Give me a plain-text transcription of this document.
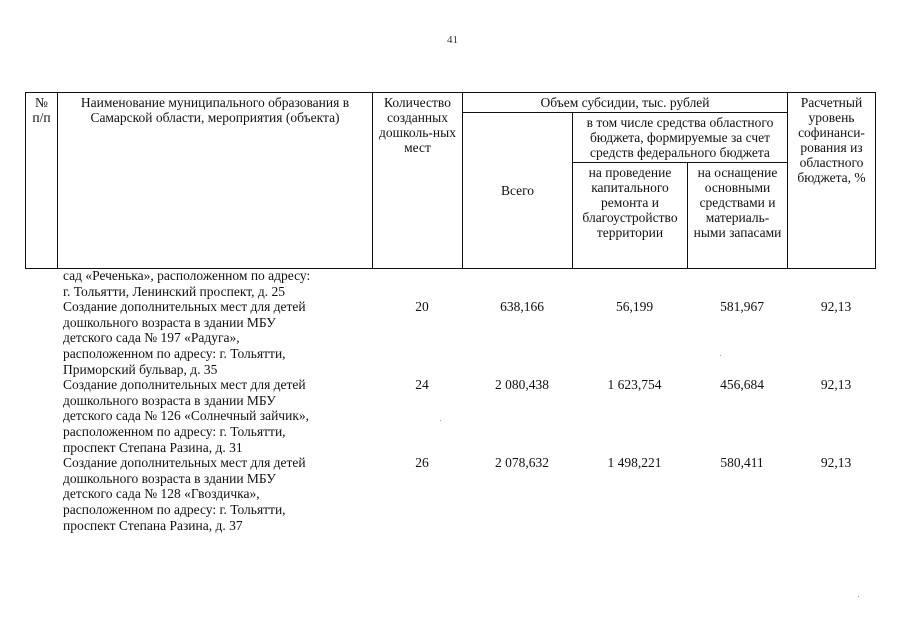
41
№ п/п	Наименование муниципального образования в Самарской области, мероприятия (объекта)	Количество созданных дошколь-ных мест	Объем субсидии, тыс. рублей			Расчетный уровень софинанси-рования из областного бюджета, %
			Всего	в том числе средства областного бюджета, формируемые за счет средств федерального бюджета		
				на проведение капитального ремонта и благоустройство территории	на оснащение основными средствами и материаль-ными запасами	
сад «Реченька», расположенном по адресу:
г. Тольятти, Ленинский проспект, д. 25					

Создание дополнительных мест для детей
дошкольного возраста в здании МБУ
детского сада № 197 «Радуга»,
расположенном по адресу: г. Тольятти,
Приморский бульвар, д. 35	20	638,166	56,199	581,967	92,13

Создание дополнительных мест для детей
дошкольного возраста в здании МБУ
детского сада № 126 «Солнечный зайчик»,
расположенном по адресу: г. Тольятти,
проспект Степана Разина, д. 31	24	2 080,438	1 623,754	456,684	92,13

Создание дополнительных мест для детей
дошкольного возраста в здании МБУ
детского сада № 128 «Гвоздичка»,
расположенном по адресу: г. Тольятти,
проспект Степана Разина, д. 37	26	2 078,632	1 498,221	580,411	92,13
